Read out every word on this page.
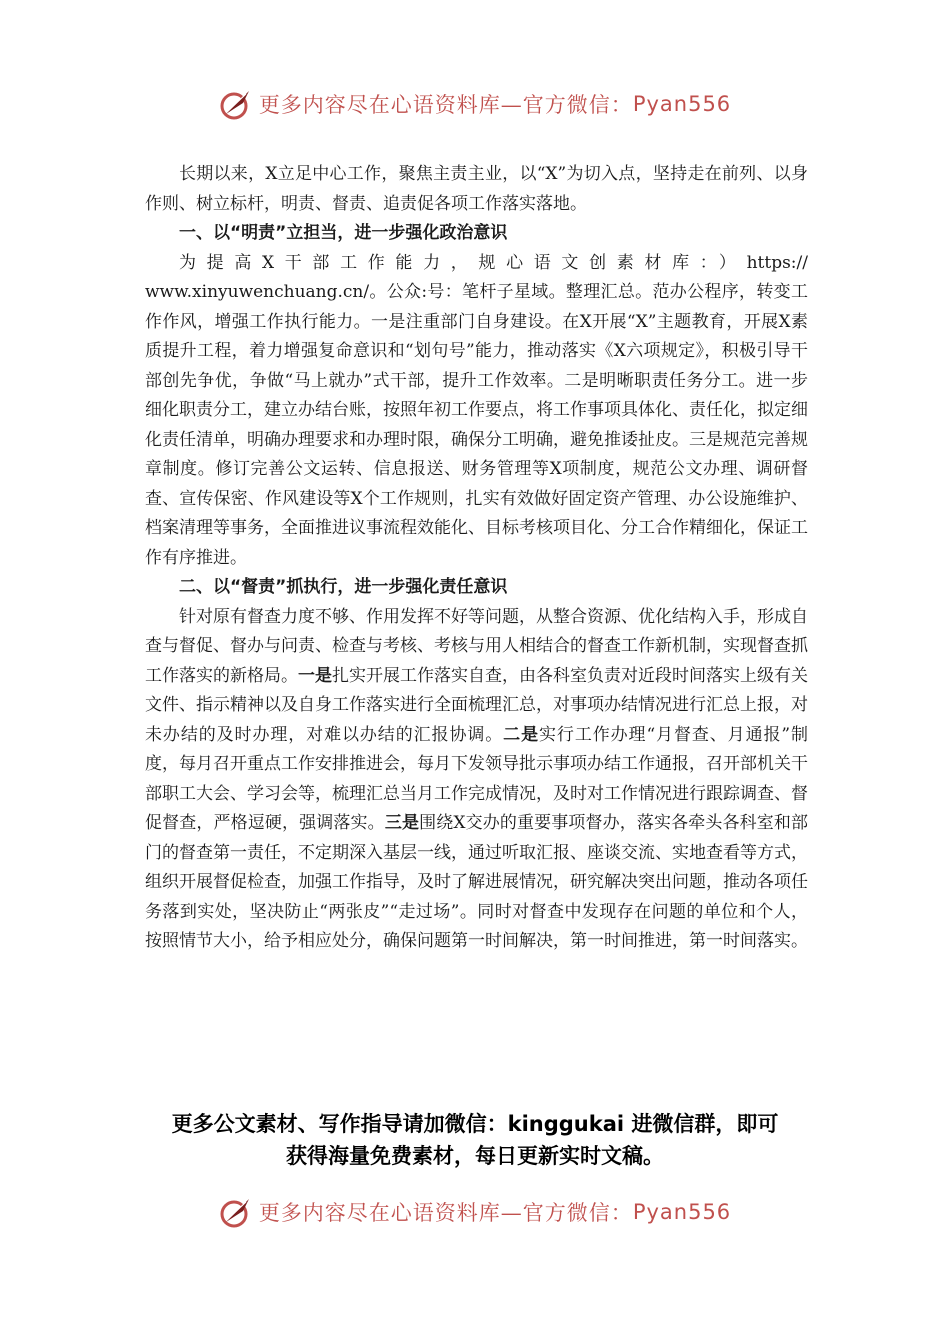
更多内容尽在心语资料库—官方微信： Pyan556

长期以来，X立足中心工作，聚焦主责主业，以“X”为切入点，坚持走在前列、以身作则、树立标杆，明责、督责、追责促各项工作落实落地。

一、以“明责”立担当，进一步强化政治意识

为提高X干部工作能力，规心语文创素材库：）https://

www.xinyuwenchuang.cn/。公众:号：笔杆子星域。整理汇总。范办公程序，转变工作作风，增强工作执行能力。一是注重部门自身建设。在X开展“X”主题教育，开展X素质提升工程，着力增强复命意识和“划句号”能力，推动落实《X六项规定》，积极引导干部创先争优，争做“马上就办”式干部，提升工作效率。二是明晰职责任务分工。进一步细化职责分工，建立办结台账，按照年初工作要点，将工作事项具体化、责任化，拟定细化责任清单，明确办理要求和办理时限，确保分工明确，避免推诿扯皮。三是规范完善规章制度。修订完善公文运转、信息报送、财务管理等X项制度，规范公文办理、调研督查、宣传保密、作风建设等X个工作规则，扎实有效做好固定资产管理、办公设施维护、档案清理等事务，全面推进议事流程效能化、目标考核项目化、分工合作精细化，保证工作有序推进。

二、以“督责”抓执行，进一步强化责任意识

针对原有督查力度不够、作用发挥不好等问题，从整合资源、优化结构入手，形成自查与督促、督办与问责、检查与考核、考核与用人相结合的督查工作新机制，实现督查抓工作落实的新格局。一是扎实开展工作落实自查，由各科室负责对近段时间落实上级有关文件、指示精神以及自身工作落实进行全面梳理汇总，对事项办结情况进行汇总上报，对未办结的及时办理，对难以办结的汇报协调。二是实行工作办理“月督查、月通报”制度，每月召开重点工作安排推进会，每月下发领导批示事项办结工作通报，召开部机关干部职工大会、学习会等，梳理汇总当月工作完成情况，及时对工作情况进行跟踪调查、督促督查，严格逗硬，强调落实。三是围绕X交办的重要事项督办，落实各牵头各科室和部门的督查第一责任，不定期深入基层一线，通过听取汇报、座谈交流、实地查看等方式，组织开展督促检查，加强工作指导，及时了解进展情况，研究解决突出问题，推动各项任务落到实处，坚决防止“两张皮”“走过场”。同时对督查中发现存在问题的单位和个人，按照情节大小，给予相应处分，确保问题第一时间解决，第一时间推进，第一时间落实。

更多公文素材、写作指导请加微信：kinggukai 进微信群，即可
获得海量免费素材，每日更新实时文稿。
更多内容尽在心语资料库—官方微信： Pyan556
